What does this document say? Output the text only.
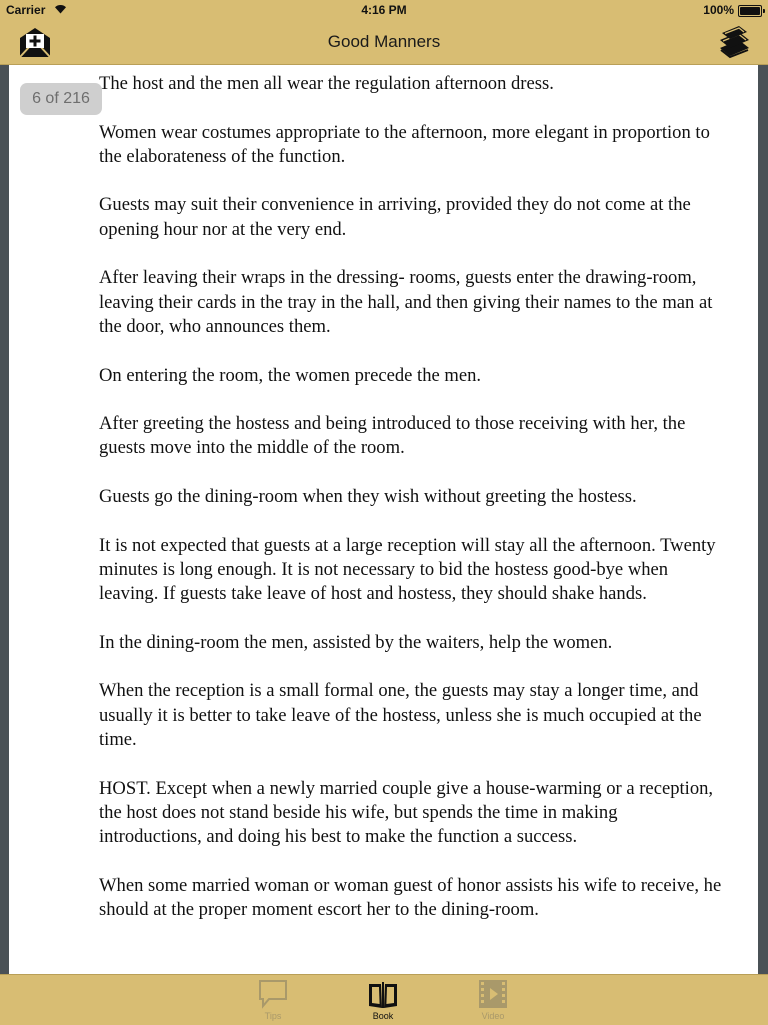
Carrier	4:16 PM	100%
Good Manners
6 of 216

The host and the men all wear the regulation afternoon dress.

Women wear costumes appropriate to the afternoon, more elegant in proportion to the elaborateness of the function.

Guests may suit their convenience in arriving, provided they do not come at the opening hour nor at the very end.

After leaving their wraps in the dressing- rooms, guests enter the drawing-room, leaving their cards in the tray in the hall, and then giving their names to the man at the door, who announces them.

On entering the room, the women precede the men.

After greeting the hostess and being introduced to those receiving with her, the guests move into the middle of the room.

Guests go the dining-room when they wish without greeting the hostess.

It is not expected that guests at a large reception will stay all the afternoon. Twenty minutes is long enough. It is not necessary to bid the hostess good-bye when leaving. If guests take leave of host and hostess, they should shake hands.

In the dining-room the men, assisted by the waiters, help the women.

When the reception is a small formal one, the guests may stay a longer time, and usually it is better to take leave of the hostess, unless she is much occupied at the time.

HOST. Except when a newly married couple give a house-warming or a reception, the host does not stand beside his wife, but spends the time in making introductions, and doing his best to make the function a success.

When some married woman or woman guest of honor assists his wife to receive, he should at the proper moment escort her to the dining-room.

Tips	Book	Video
